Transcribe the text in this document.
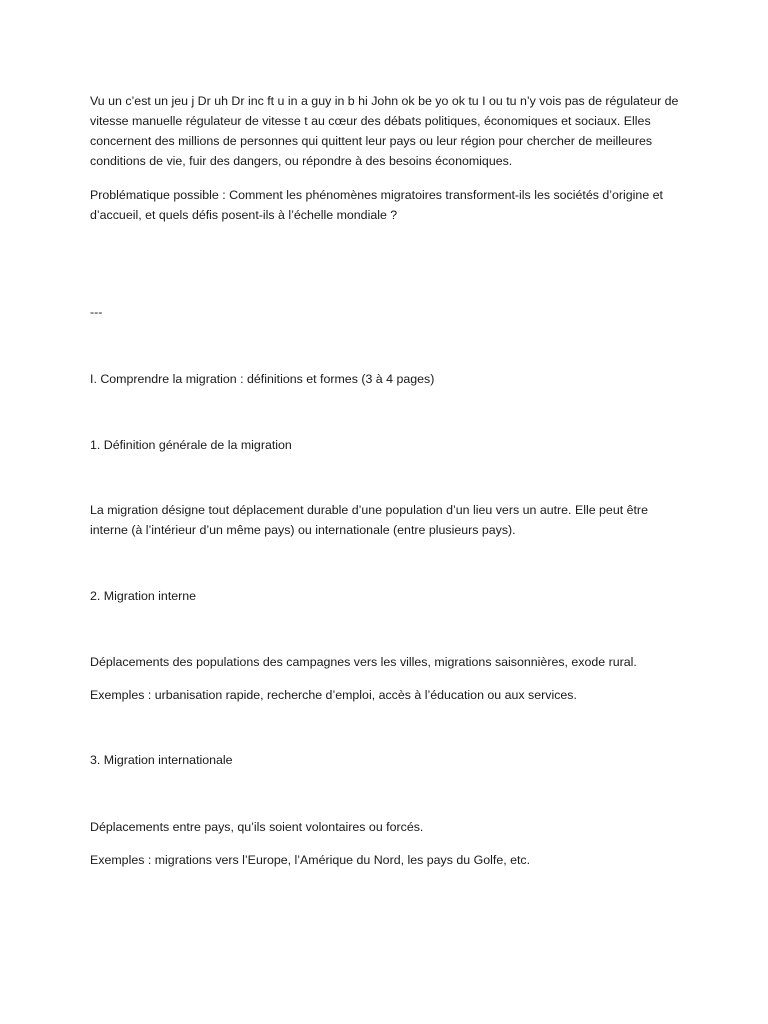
Vu un c’est un jeu j Dr uh Dr inc ft u in a guy in b hi John ok be yo ok tu I ou tu n’y vois pas de régulateur de vitesse manuelle régulateur de vitesse t au cœur des débats politiques, économiques et sociaux. Elles concernent des millions de personnes qui quittent leur pays ou leur région pour chercher de meilleures conditions de vie, fuir des dangers, ou répondre à des besoins économiques.

Problématique possible : Comment les phénomènes migratoires transforment-ils les sociétés d’origine et d’accueil, et quels défis posent-ils à l’échelle mondiale ?

---

I. Comprendre la migration : définitions et formes (3 à 4 pages)

1. Définition générale de la migration

La migration désigne tout déplacement durable d’une population d’un lieu vers un autre. Elle peut être interne (à l’intérieur d’un même pays) ou internationale (entre plusieurs pays).

2. Migration interne

Déplacements des populations des campagnes vers les villes, migrations saisonnières, exode rural.

Exemples : urbanisation rapide, recherche d’emploi, accès à l’éducation ou aux services.

3. Migration internationale

Déplacements entre pays, qu’ils soient volontaires ou forcés.

Exemples : migrations vers l’Europe, l’Amérique du Nord, les pays du Golfe, etc.
